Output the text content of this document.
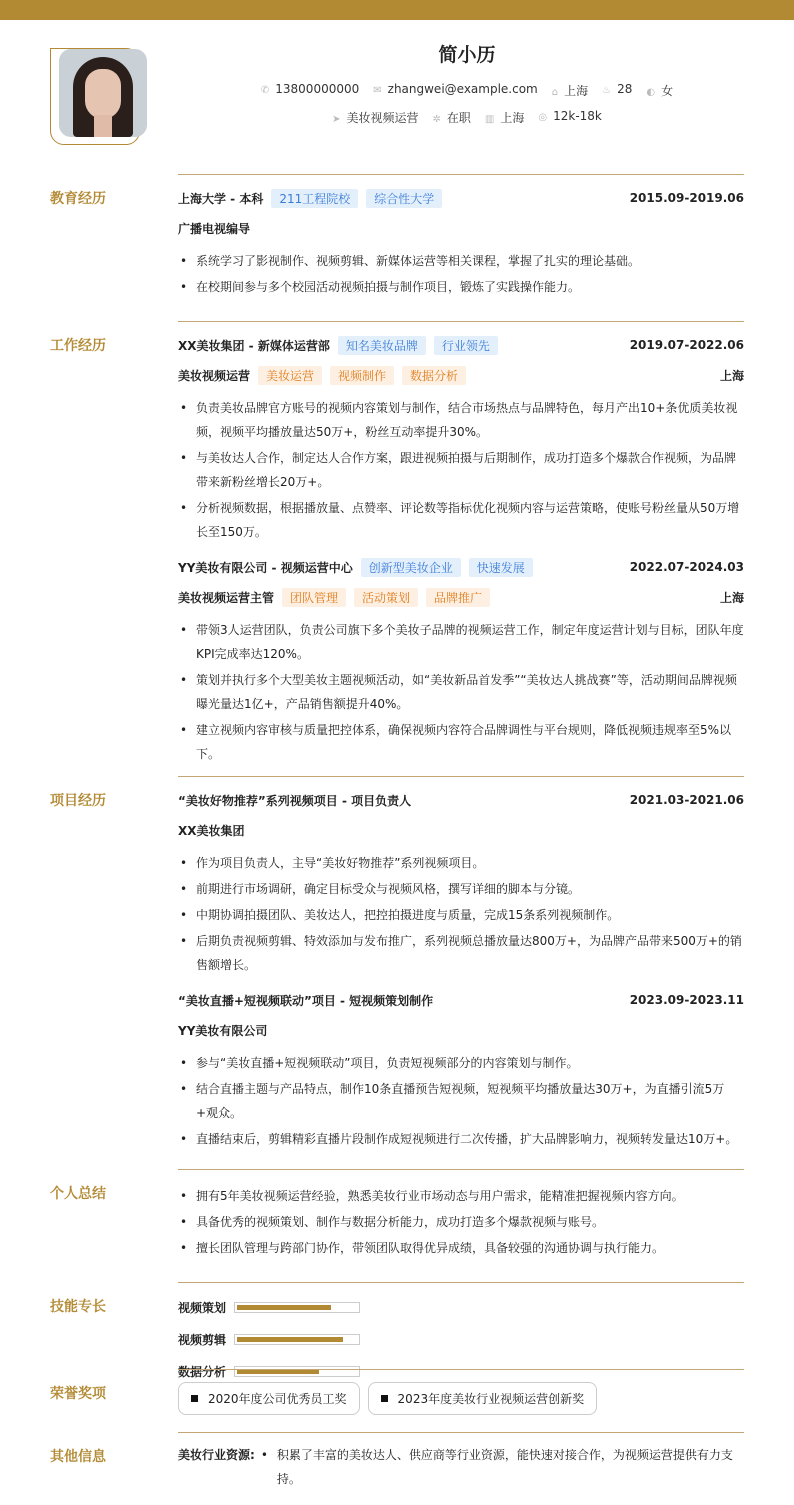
简小历
✆ 13800000000 ✉ zhangwei@example.com ⌂ 上海 ♨ 28 ◐ 女
➤ 美妆视频运营 ✲ 在职 ▥ 上海 ◎ 12k-18k
教育经历	上海大学 - 本科	211工程院校	综合性大学	2015.09-2019.06
广播电视编导
• 系统学习了影视制作、视频剪辑、新媒体运营等相关课程，掌握了扎实的理论基础。
• 在校期间参与多个校园活动视频拍摄与制作项目，锻炼了实践操作能力。
工作经历	XX美妆集团 - 新媒体运营部	知名美妆品牌	行业领先	2019.07-2022.06
美妆视频运营	美妆运营	视频制作	数据分析	上海
• 负责美妆品牌官方账号的视频内容策划与制作，结合市场热点与品牌特色，每月产出10+条优质美妆视频，视频平均播放量达50万+，粉丝互动率提升30%。
• 与美妆达人合作，制定达人合作方案，跟进视频拍摄与后期制作，成功打造多个爆款合作视频，为品牌带来新粉丝增长20万+。
• 分析视频数据，根据播放量、点赞率、评论数等指标优化视频内容与运营策略，使账号粉丝量从50万增长至150万。
YY美妆有限公司 - 视频运营中心	创新型美妆企业	快速发展	2022.07-2024.03
美妆视频运营主管	团队管理	活动策划	品牌推广	上海
• 带领3人运营团队，负责公司旗下多个美妆子品牌的视频运营工作，制定年度运营计划与目标，团队年度KPI完成率达120%。
• 策划并执行多个大型美妆主题视频活动，如“美妆新品首发季”“美妆达人挑战赛”等，活动期间品牌视频曝光量达1亿+，产品销售额提升40%。
• 建立视频内容审核与质量把控体系，确保视频内容符合品牌调性与平台规则，降低视频违规率至5%以下。
项目经历	“美妆好物推荐”系列视频项目 - 项目负责人	2021.03-2021.06
XX美妆集团
• 作为项目负责人，主导“美妆好物推荐”系列视频项目。
• 前期进行市场调研，确定目标受众与视频风格，撰写详细的脚本与分镜。
• 中期协调拍摄团队、美妆达人，把控拍摄进度与质量，完成15条系列视频制作。
• 后期负责视频剪辑、特效添加与发布推广，系列视频总播放量达800万+，为品牌产品带来500万+的销售额增长。
“美妆直播+短视频联动”项目 - 短视频策划制作	2023.09-2023.11
YY美妆有限公司
• 参与“美妆直播+短视频联动”项目，负责短视频部分的内容策划与制作。
• 结合直播主题与产品特点，制作10条直播预告短视频，短视频平均播放量达30万+，为直播引流5万+观众。
• 直播结束后，剪辑精彩直播片段制作成短视频进行二次传播，扩大品牌影响力，视频转发量达10万+。
个人总结	• 拥有5年美妆视频运营经验，熟悉美妆行业市场动态与用户需求，能精准把握视频内容方向。
• 具备优秀的视频策划、制作与数据分析能力，成功打造多个爆款视频与账号。
• 擅长团队管理与跨部门协作，带领团队取得优异成绩，具备较强的沟通协调与执行能力。
技能专长	视频策划
视频剪辑
数据分析
荣誉奖项	2020年度公司优秀员工奖	2023年度美妆行业视频运营创新奖
其他信息	美妆行业资源:	• 积累了丰富的美妆达人、供应商等行业资源，能快速对接合作，为视频运营提供有力支持。
